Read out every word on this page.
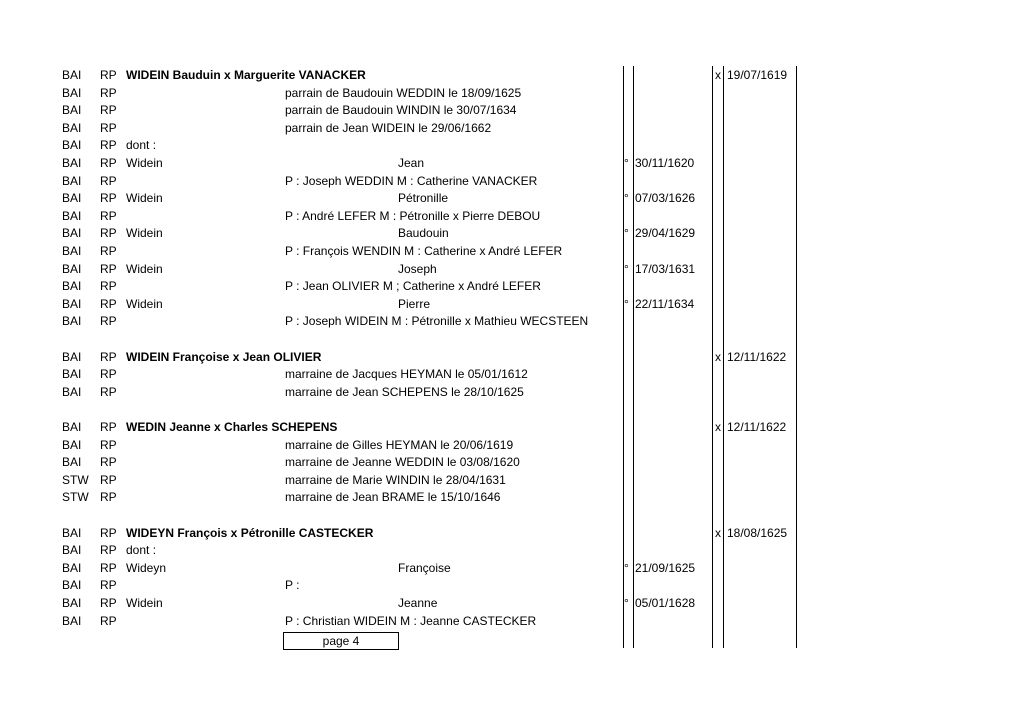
BAI RP WIDEIN Bauduin x Marguerite VANACKER	x 19/07/1619
BAI RP	parrain de Baudouin WEDDIN le 18/09/1625
BAI RP	parrain de Baudouin WINDIN le 30/07/1634
BAI RP	parrain de Jean WIDEIN le 29/06/1662
BAI RP dont :
BAI RP Widein	Jean	° 30/11/1620
BAI RP	P : Joseph WEDDIN M : Catherine VANACKER
BAI RP Widein	Pétronille	° 07/03/1626
BAI RP	P : André LEFER M : Pétronille x Pierre DEBOU
BAI RP Widein	Baudouin	° 29/04/1629
BAI RP	P : François WENDIN M : Catherine x André LEFER
BAI RP Widein	Joseph	° 17/03/1631
BAI RP	P : Jean OLIVIER M ; Catherine x André LEFER
BAI RP Widein	Pierre	° 22/11/1634
BAI RP	P : Joseph WIDEIN M : Pétronille x Mathieu WECSTEEN
BAI RP WIDEIN Françoise x Jean OLIVIER	x 12/11/1622
BAI RP	marraine de Jacques HEYMAN le 05/01/1612
BAI RP	marraine de Jean SCHEPENS le 28/10/1625
BAI RP WEDIN Jeanne x Charles SCHEPENS	x 12/11/1622
BAI RP	marraine de Gilles HEYMAN le 20/06/1619
BAI RP	marraine de Jeanne WEDDIN le 03/08/1620
STW RP	marraine de Marie WINDIN le 28/04/1631
STW RP	marraine de Jean BRAME le 15/10/1646
BAI RP WIDEYN François x Pétronille CASTECKER	x 18/08/1625
BAI RP dont :
BAI RP Wideyn	Françoise	° 21/09/1625
BAI RP	P :
BAI RP Widein	Jeanne	° 05/01/1628
BAI RP	P : Christian WIDEIN M : Jeanne CASTECKER
page 4
